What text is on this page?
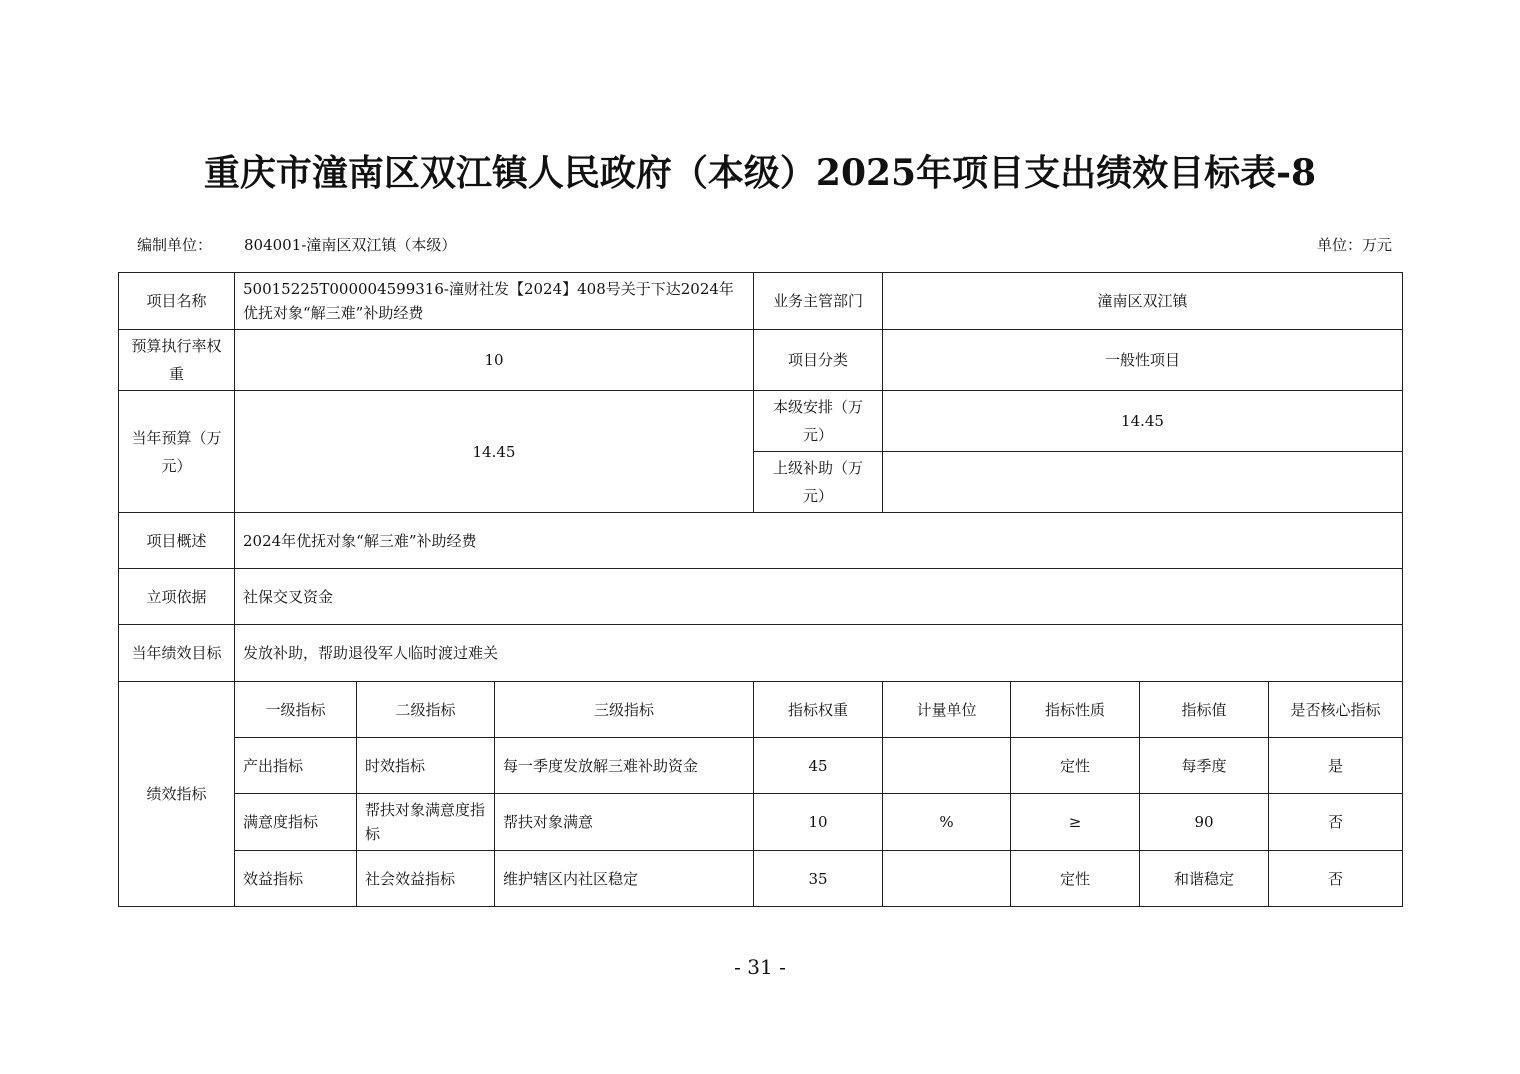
重庆市潼南区双江镇人民政府（本级）2025年项目支出绩效目标表-8
编制单位： 804001-潼南区双江镇（本级）	单位：万元
项目名称	50015225T000004599316-潼财社发【2024】408号关于下达2024年优抚对象“解三难”补助经费			业务主管部门	潼南区双江镇			
预算执行率权重	10			项目分类	一般性项目			
当年预算（万元）	14.45			本级安排（万元）	14.45			
				上级补助（万元）				
项目概述	2024年优抚对象“解三难”补助经费							
立项依据	社保交叉资金							
当年绩效目标	发放补助，帮助退役军人临时渡过难关							
绩效指标	一级指标	二级指标	三级指标	指标权重	计量单位	指标性质	指标值	是否核心指标
	产出指标	时效指标	每一季度发放解三难补助资金	45		定性	每季度	是
	满意度指标	帮扶对象满意度指标	帮扶对象满意	10	%	≥	90	否
	效益指标	社会效益指标	维护辖区内社区稳定	35		定性	和谐稳定	否
- 31 -
